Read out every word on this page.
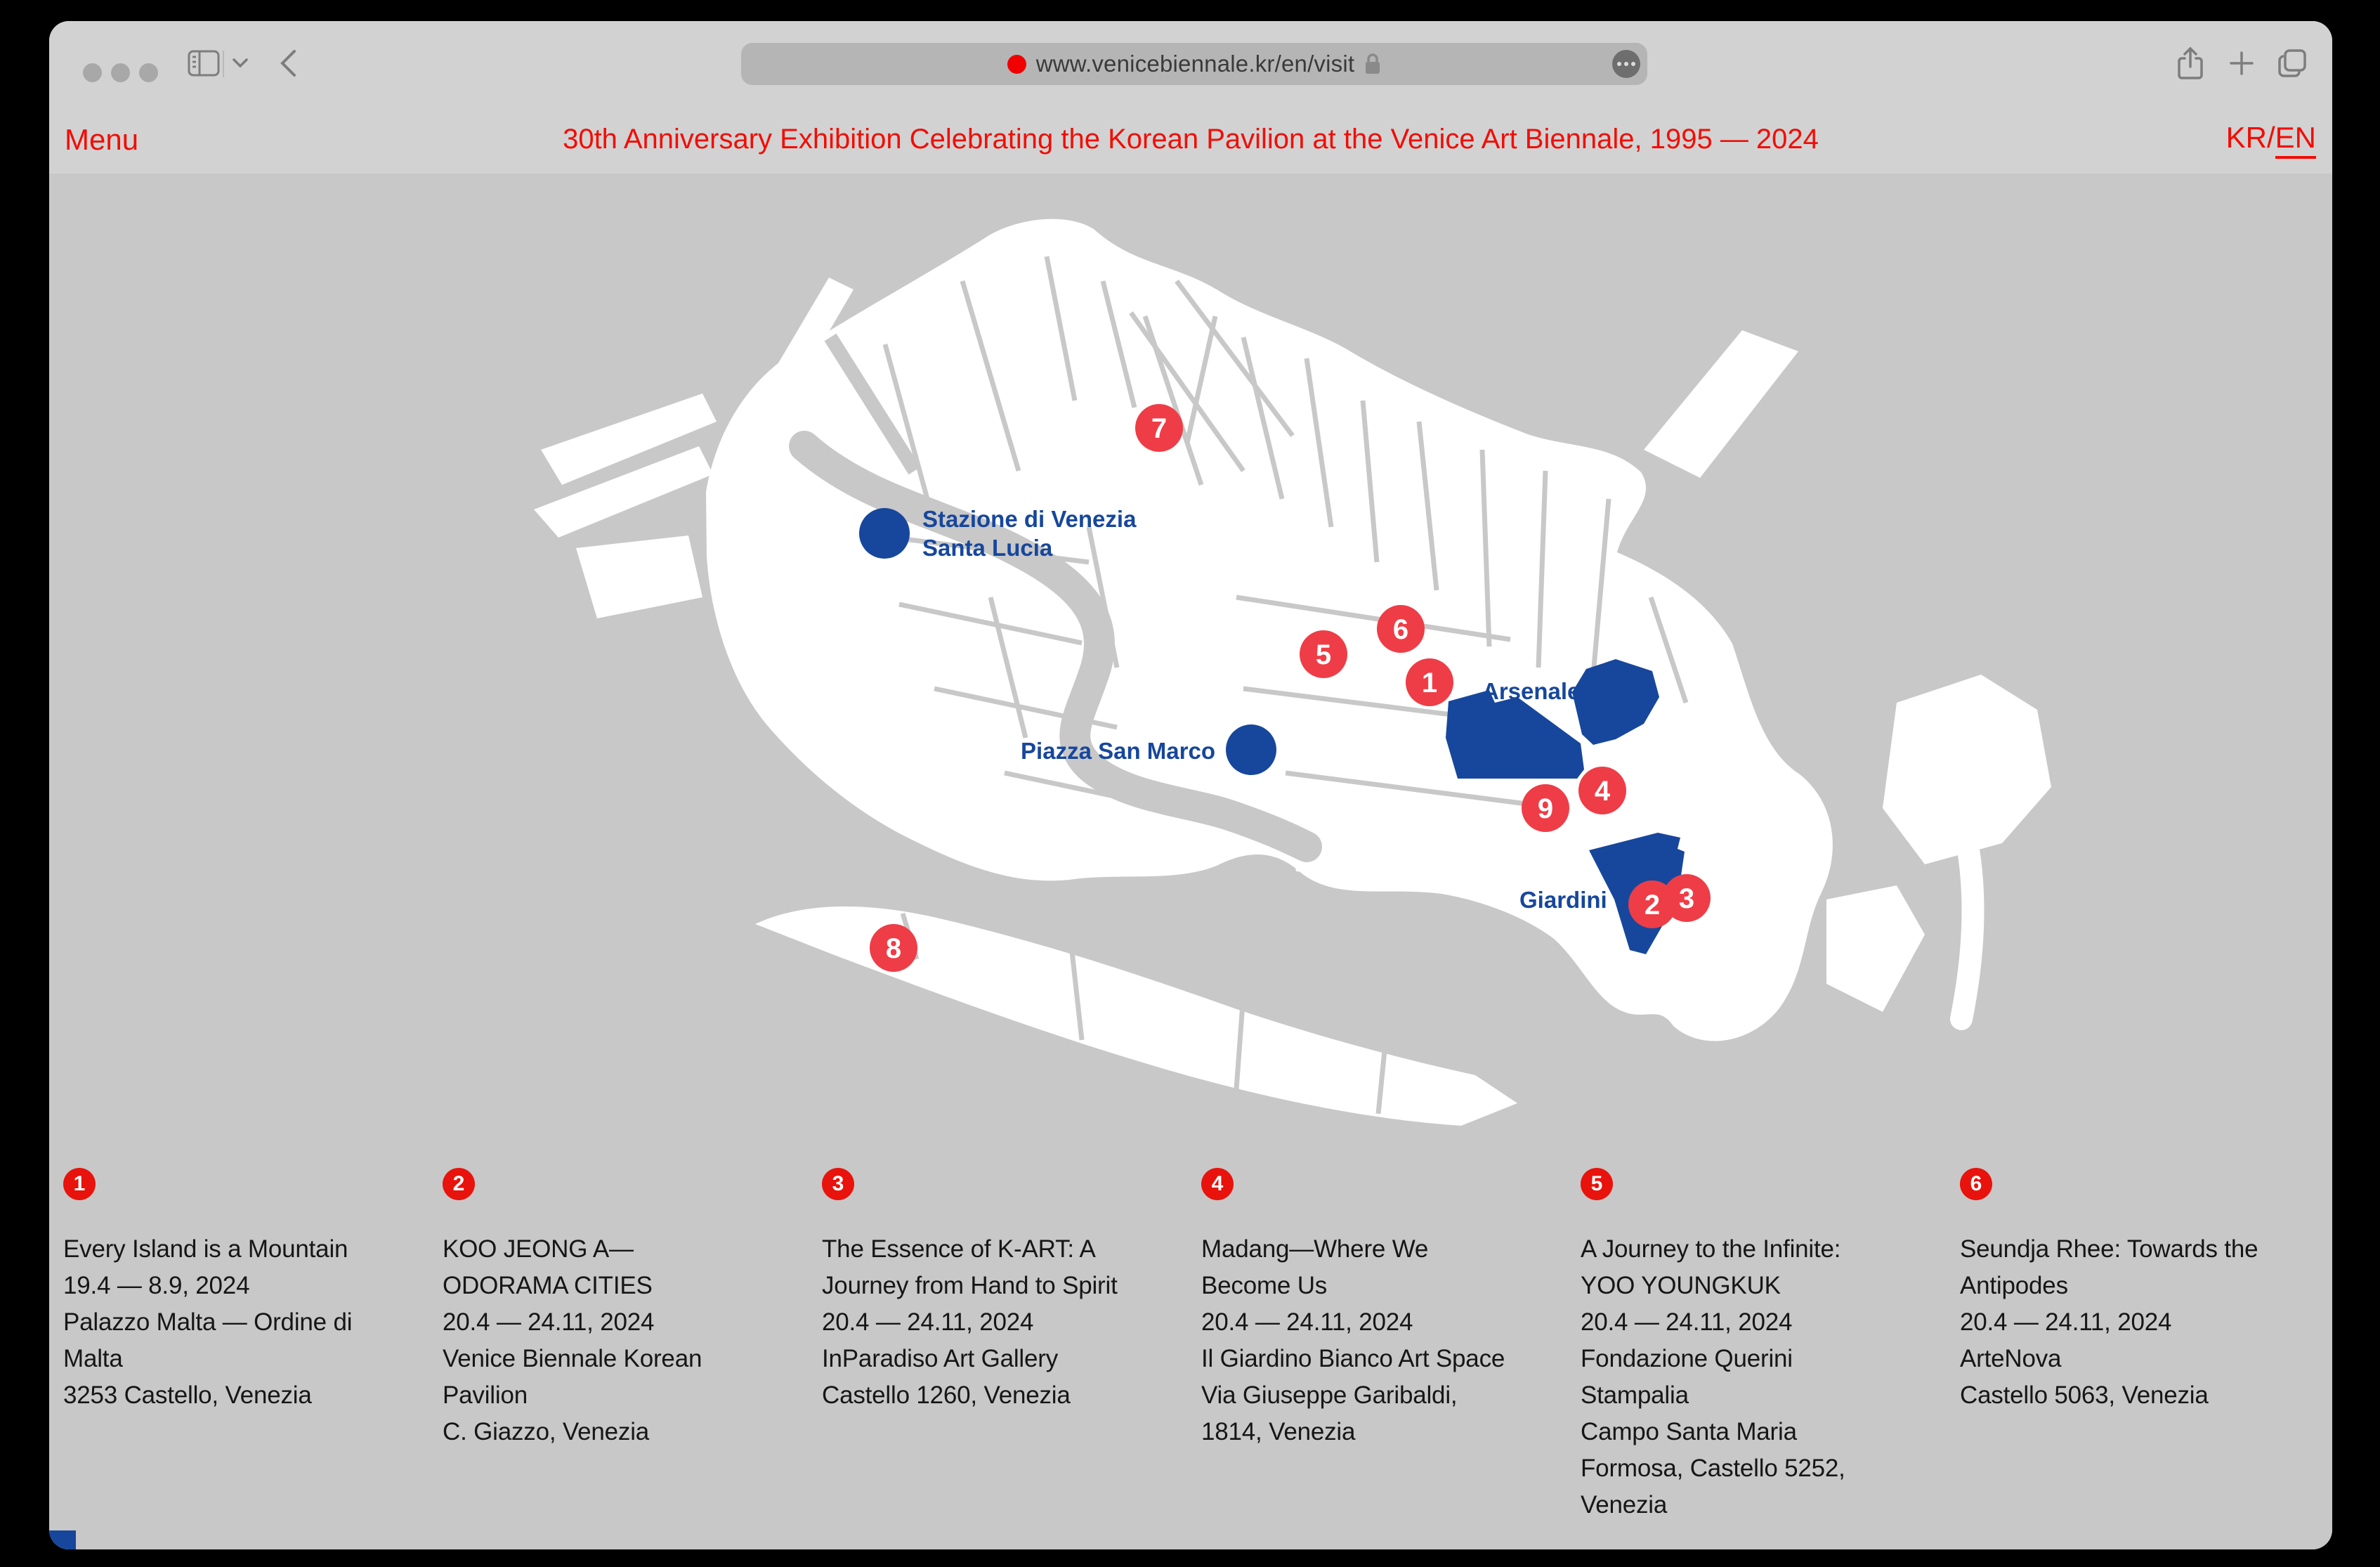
www.venicebiennale.kr/en/visit
Stazione di Venezia
Santa Lucia
Piazza San Marco
Arsenale
Giardini
1
3
2
4
5
6
7
8
9
Menu	30th Anniversary Exhibition Celebrating the Korean Pavilion at the Venice Art Biennale, 1995 — 2024	KR / EN
1
Every Island is a Mountain
19.4 — 8.9, 2024
Palazzo Malta — Ordine di Malta
3253 Castello, Venezia
2
KOO JEONG A—ODORAMA CITIES
20.4 — 24.11, 2024
Venice Biennale Korean Pavilion
C. Giazzo, Venezia
3
The Essence of K-ART: A Journey from Hand to Spirit
20.4 — 24.11, 2024
InParadiso Art Gallery
Castello 1260, Venezia
4
Madang—Where We Become Us
20.4 — 24.11, 2024
Il Giardino Bianco Art Space
Via Giuseppe Garibaldi, 1814, Venezia
5
A Journey to the Infinite: YOO YOUNGKUK
20.4 — 24.11, 2024
Fondazione Querini Stampalia
Campo Santa Maria Formosa, Castello 5252, Venezia
6
Seundja Rhee: Towards the Antipodes
20.4 — 24.11, 2024
ArteNova
Castello 5063, Venezia
